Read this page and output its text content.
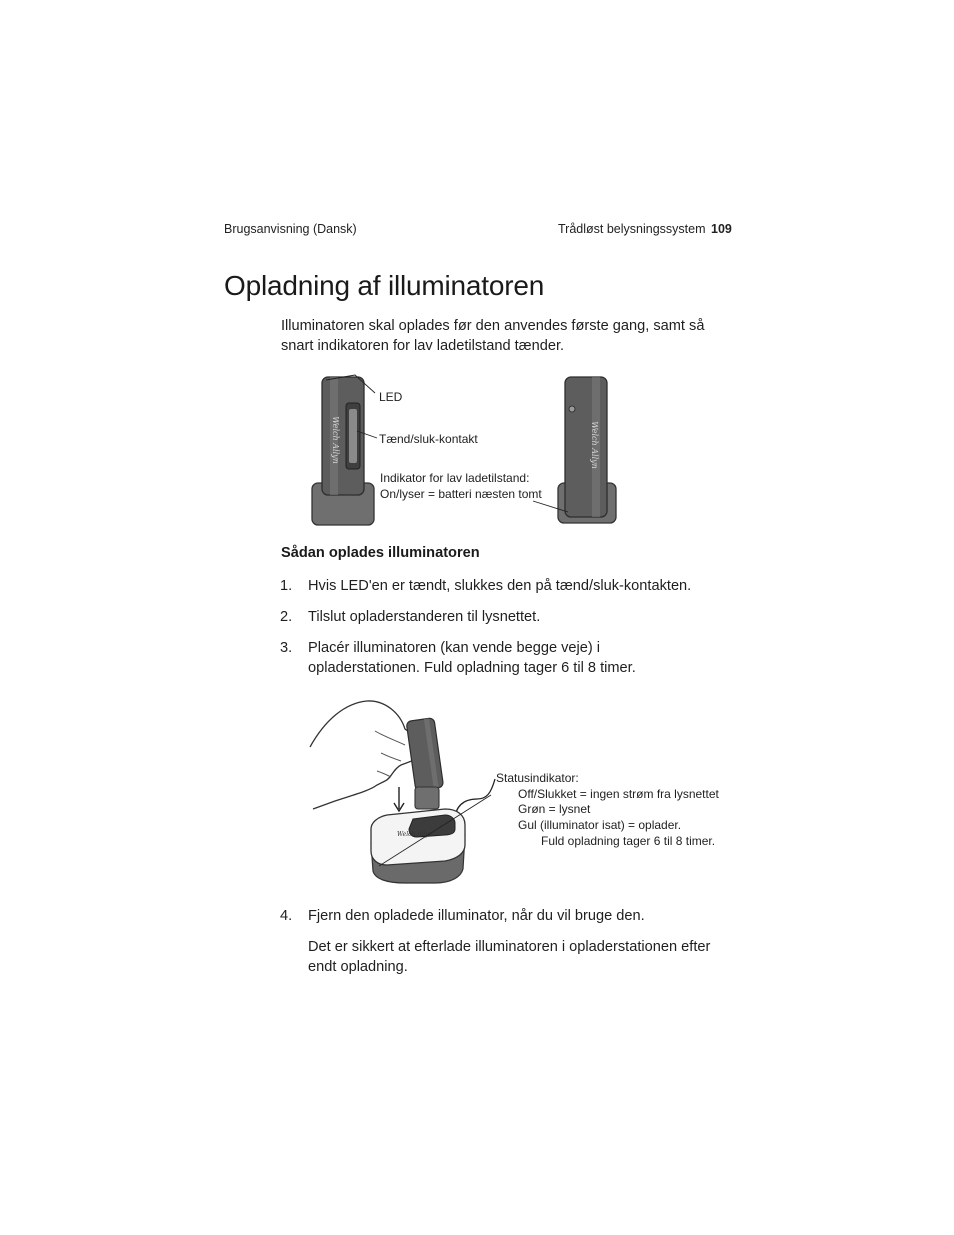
Brugsanvisning (Dansk)	Trådløst belysningssystem 109
Opladning af illuminatoren
Illuminatoren skal oplades før den anvendes første gang, samt så snart indikatoren for lav ladetilstand tænder.
Welch Allyn	Welch Allyn
LED
Tænd/sluk-kontakt
Indikator for lav ladetilstand:
On/lyser = batteri næsten tomt
Sådan oplades illuminatoren
1. Hvis LED'en er tændt, slukkes den på tænd/sluk-kontakten.
2. Tilslut opladerstanderen til lysnettet.
3. Placér illuminatoren (kan vende begge veje) i opladerstationen. Fuld opladning tager 6 til 8 timer.
Welch Allyn
Statusindikator:
Off/Slukket = ingen strøm fra lysnettet
Grøn = lysnet
Gul (illuminator isat) = oplader.
Fuld opladning tager 6 til 8 timer.
4. Fjern den opladede illuminator, når du vil bruge den.
Det er sikkert at efterlade illuminatoren i opladerstationen efter endt opladning.
